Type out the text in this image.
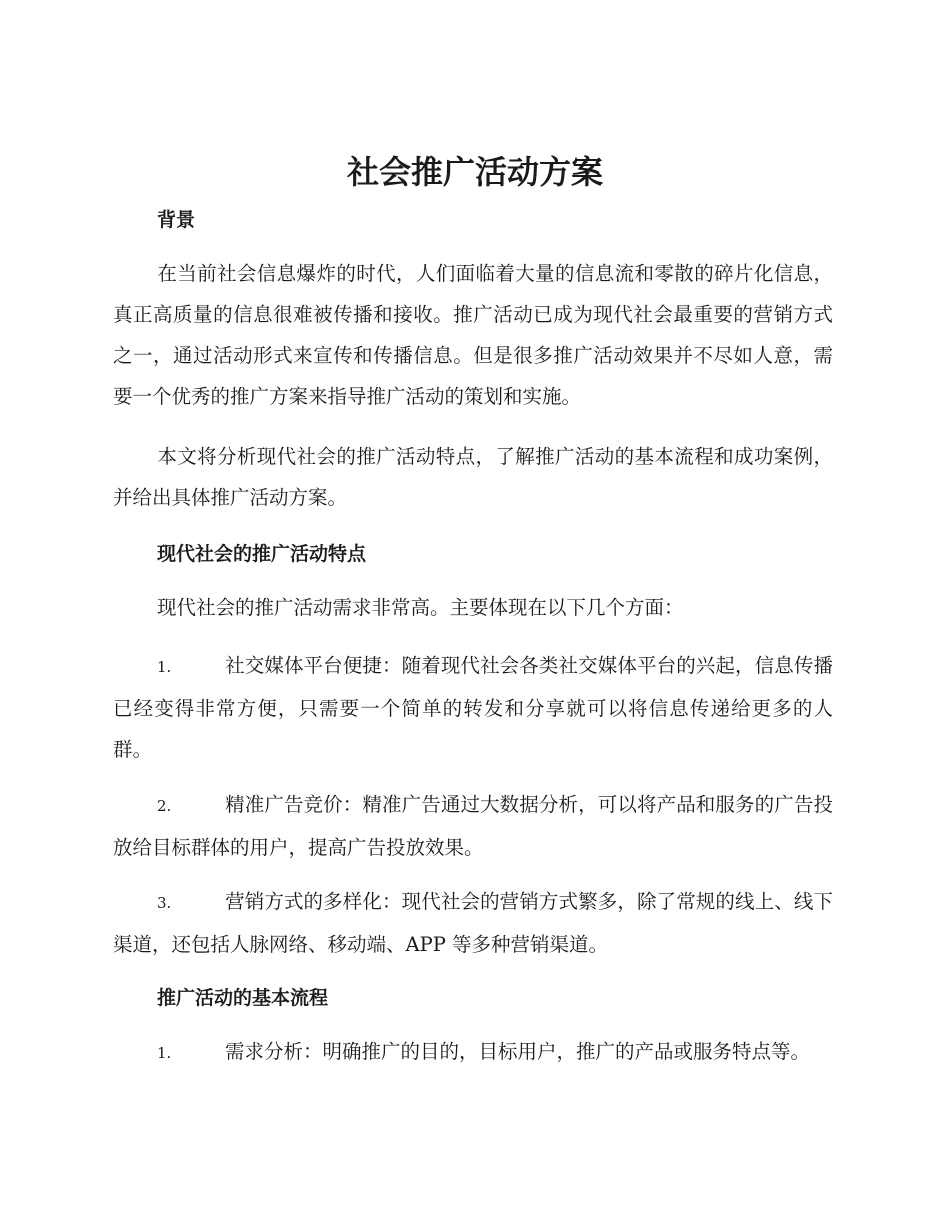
社会推广活动方案
背景

在当前社会信息爆炸的时代，人们面临着大量的信息流和零散的碎片化信息，真正高质量的信息很难被传播和接收。推广活动已成为现代社会最重要的营销方式之一，通过活动形式来宣传和传播信息。但是很多推广活动效果并不尽如人意，需要一个优秀的推广方案来指导推广活动的策划和实施。

本文将分析现代社会的推广活动特点，了解推广活动的基本流程和成功案例，并给出具体推广活动方案。

现代社会的推广活动特点

现代社会的推广活动需求非常高。主要体现在以下几个方面：

1.	社交媒体平台便捷：随着现代社会各类社交媒体平台的兴起，信息传播已经变得非常方便，只需要一个简单的转发和分享就可以将信息传递给更多的人群。

2.	精准广告竞价：精准广告通过大数据分析，可以将产品和服务的广告投放给目标群体的用户，提高广告投放效果。

3.	营销方式的多样化：现代社会的营销方式繁多，除了常规的线上、线下渠道，还包括人脉网络、移动端、APP 等多种营销渠道。

推广活动的基本流程

1.	需求分析：明确推广的目的，目标用户，推广的产品或服务特点等。
